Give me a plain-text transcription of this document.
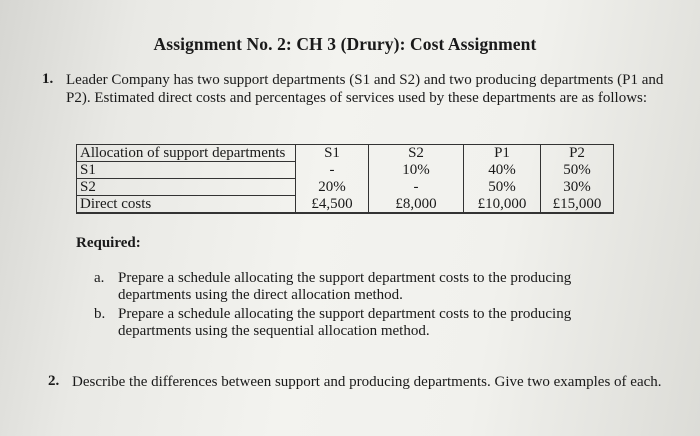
Assignment No. 2: CH 3 (Drury): Cost Assignment
1. Leader Company has two support departments (S1 and S2) and two producing departments (P1 and P2). Estimated direct costs and percentages of services used by these departments are as follows:
Allocation of support departments	S1	S2	P1	P2
S1	-	10%	40%	50%
S2	20%	-	50%	30%
Direct costs	£4,500	£8,000	£10,000	£15,000
Required:
a. Prepare a schedule allocating the support department costs to the producing departments using the direct allocation method.
b. Prepare a schedule allocating the support department costs to the producing departments using the sequential allocation method.
2. Describe the differences between support and producing departments. Give two examples of each.
